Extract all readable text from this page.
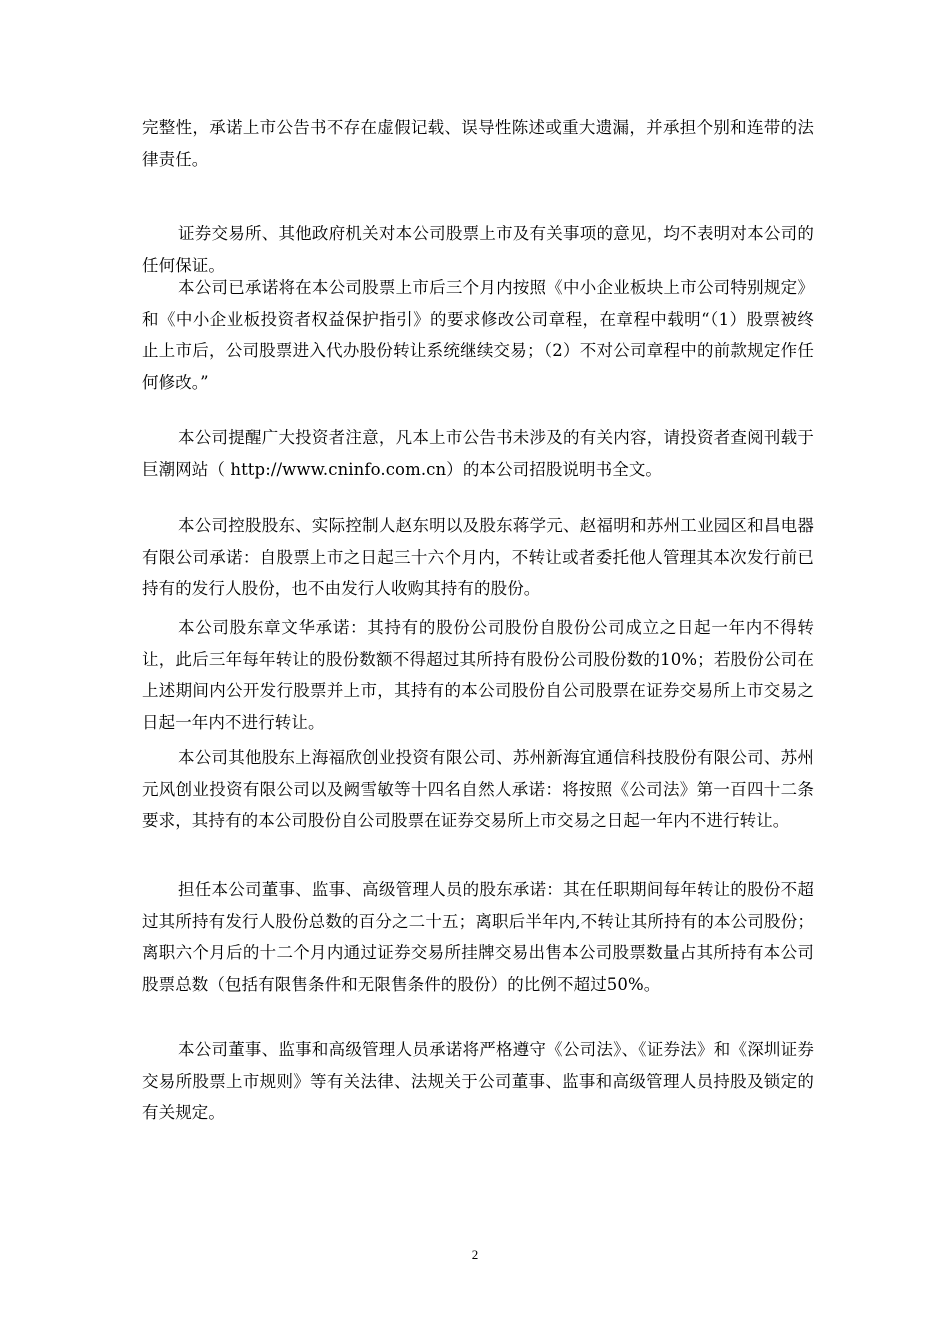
完整性，承诺上市公告书不存在虚假记载、误导性陈述或重大遗漏，并承担个别和连带的法律责任。

证券交易所、其他政府机关对本公司股票上市及有关事项的意见，均不表明对本公司的任何保证。

本公司已承诺将在本公司股票上市后三个月内按照《中小企业板块上市公司特别规定》和《中小企业板投资者权益保护指引》的要求修改公司章程，在章程中载明“（1）股票被终止上市后，公司股票进入代办股份转让系统继续交易；（2）不对公司章程中的前款规定作任何修改。”

本公司提醒广大投资者注意，凡本上市公告书未涉及的有关内容，请投资者查阅刊载于巨潮网站（ http://www.cninfo.com.cn）的本公司招股说明书全文。

本公司控股股东、实际控制人赵东明以及股东蒋学元、赵福明和苏州工业园区和昌电器有限公司承诺：自股票上市之日起三十六个月内，不转让或者委托他人管理其本次发行前已持有的发行人股份，也不由发行人收购其持有的股份。

本公司股东章文华承诺：其持有的股份公司股份自股份公司成立之日起一年内不得转让，此后三年每年转让的股份数额不得超过其所持有股份公司股份数的10%；若股份公司在上述期间内公开发行股票并上市，其持有的本公司股份自公司股票在证券交易所上市交易之日起一年内不进行转让。

本公司其他股东上海福欣创业投资有限公司、苏州新海宜通信科技股份有限公司、苏州元风创业投资有限公司以及阙雪敏等十四名自然人承诺：将按照《公司法》第一百四十二条要求，其持有的本公司股份自公司股票在证券交易所上市交易之日起一年内不进行转让。

担任本公司董事、监事、高级管理人员的股东承诺：其在任职期间每年转让的股份不超过其所持有发行人股份总数的百分之二十五；离职后半年内,不转让其所持有的本公司股份；离职六个月后的十二个月内通过证券交易所挂牌交易出售本公司股票数量占其所持有本公司股票总数（包括有限售条件和无限售条件的股份）的比例不超过50%。

本公司董事、监事和高级管理人员承诺将严格遵守《公司法》、《证券法》和《深圳证券交易所股票上市规则》等有关法律、法规关于公司董事、监事和高级管理人员持股及锁定的有关规定。

2
